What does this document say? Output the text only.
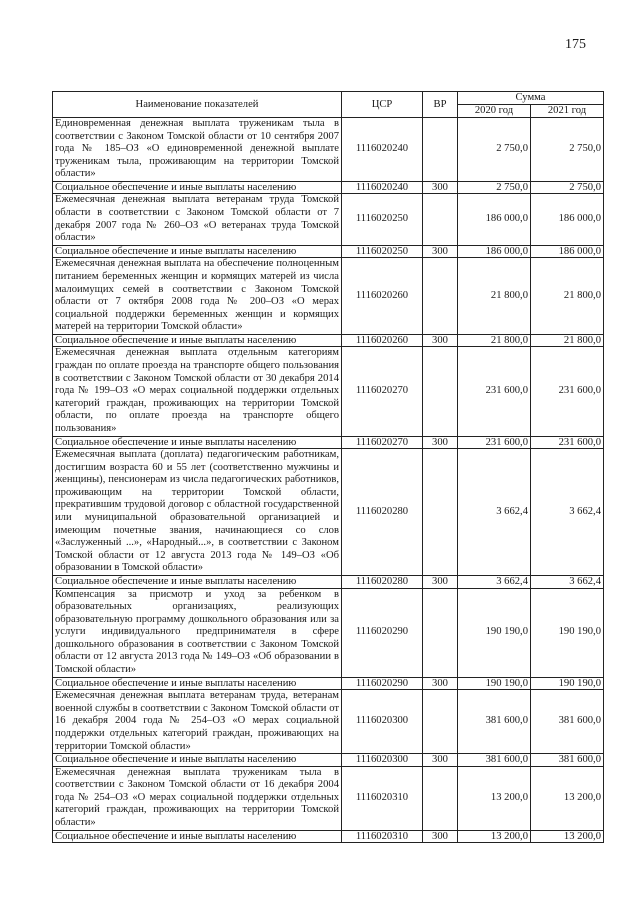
175
Наименование показателей	ЦСР	ВР	Сумма	
			2020 год	2021 год
Единовременная денежная выплата труженикам тыла в соответствии с Законом Томской области от 10 сентября 2007 года № 185–ОЗ «О единовременной денежной выплате труженикам тыла, проживающим на территории Томской области»	1116020240		2 750,0	2 750,0
Социальное обеспечение и иные выплаты населению	1116020240	300	2 750,0	2 750,0
Ежемесячная денежная выплата ветеранам труда Томской области в соответствии с Законом Томской области от 7 декабря 2007 года № 260–ОЗ «О ветеранах труда Томской области»	1116020250		186 000,0	186 000,0
Социальное обеспечение и иные выплаты населению	1116020250	300	186 000,0	186 000,0
Ежемесячная денежная выплата на обеспечение полноценным питанием беременных женщин и кормящих матерей из числа малоимущих семей в соответствии с Законом Томской области от 7 октября 2008 года № 200–ОЗ «О мерах социальной поддержки беременных женщин и кормящих матерей на территории Томской области»	1116020260		21 800,0	21 800,0
Социальное обеспечение и иные выплаты населению	1116020260	300	21 800,0	21 800,0
Ежемесячная денежная выплата отдельным категориям граждан по оплате проезда на транспорте общего пользования в соответствии с Законом Томской области от 30 декабря 2014 года № 199–ОЗ «О мерах социальной поддержки отдельных категорий граждан, проживающих на территории Томской области, по оплате проезда на транспорте общего пользования»	1116020270		231 600,0	231 600,0
Социальное обеспечение и иные выплаты населению	1116020270	300	231 600,0	231 600,0
Ежемесячная выплата (доплата) педагогическим работникам, достигшим возраста 60 и 55 лет (соответственно мужчины и женщины), пенсионерам из числа педагогических работников, проживающим на территории Томской области, прекратившим трудовой договор с областной государственной или муниципальной образовательной организацией и имеющим почетные звания, начинающиеся со слов «Заслуженный ...», «Народный...», в соответствии с Законом Томской области от 12 августа 2013 года № 149–ОЗ «Об образовании в Томской области»	1116020280		3 662,4	3 662,4
Социальное обеспечение и иные выплаты населению	1116020280	300	3 662,4	3 662,4
Компенсация за присмотр и уход за ребенком в образовательных организациях, реализующих образовательную программу дошкольного образования или за услуги индивидуального предпринимателя в сфере дошкольного образования в соответствии с Законом Томской области от 12 августа 2013 года № 149–ОЗ «Об образовании в Томской области»	1116020290		190 190,0	190 190,0
Социальное обеспечение и иные выплаты населению	1116020290	300	190 190,0	190 190,0
Ежемесячная денежная выплата ветеранам труда, ветеранам военной службы в соответствии с Законом Томской области от 16 декабря 2004 года № 254–ОЗ «О мерах социальной поддержки отдельных категорий граждан, проживающих на территории Томской области»	1116020300		381 600,0	381 600,0
Социальное обеспечение и иные выплаты населению	1116020300	300	381 600,0	381 600,0
Ежемесячная денежная выплата труженикам тыла в соответствии с Законом Томской области от 16 декабря 2004 года № 254–ОЗ «О мерах социальной поддержки отдельных категорий граждан, проживающих на территории Томской области»	1116020310		13 200,0	13 200,0
Социальное обеспечение и иные выплаты населению	1116020310	300	13 200,0	13 200,0
